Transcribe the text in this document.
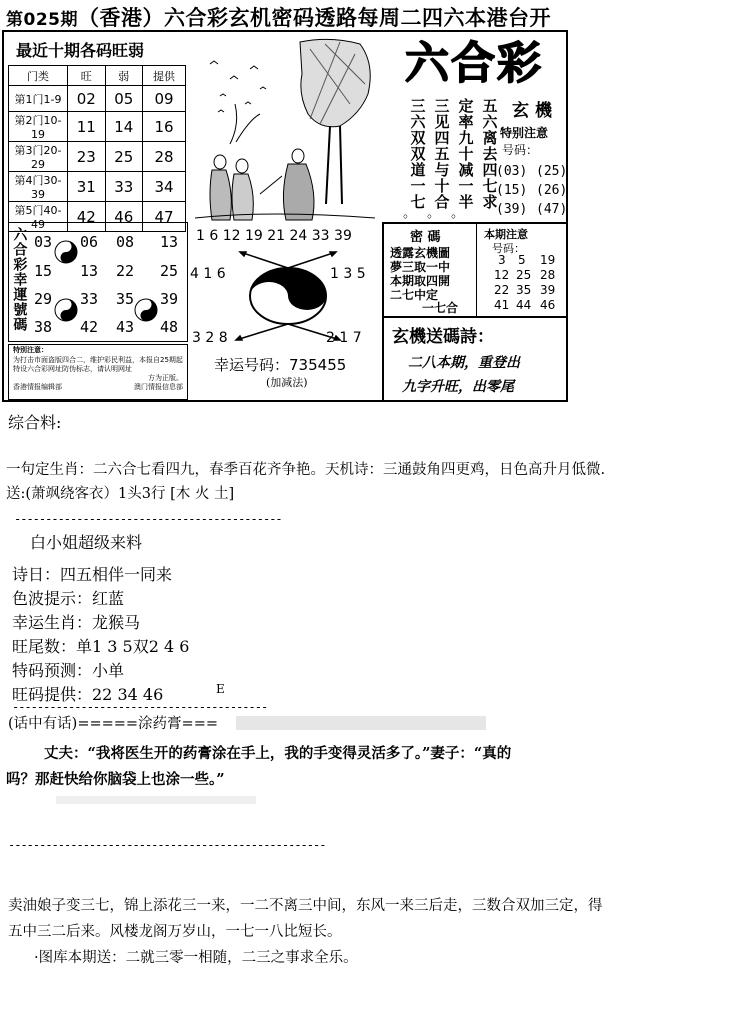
第025期（香港）六合彩玄机密码透路每周二四六本港台开
最近十期各码旺弱
门类	旺	弱	提供
第1门1-9	02	05	09
第2门10-19	11	14	16
第3门20-29	23	25	28
第4门30-39	31	33	34
第5门40-49	42	46	47
六合彩幸運號碼 03 06 08 13
15 13 22 25
29 33 35 39
38 42 43 48
特别注意：
为打击市面盗版四合二，维护彩民利益，本报自25期起特设六合彩网址防伪标志，请认明网址
方为正版。
香港情报编辑部	澳门情报信息部
六合彩
五六离去四七求
定率九十减一半
三见四五与十合
三六双双道一七
。 。 。
玄 機
特别注意
号码：
(03) (25)
(15) (26)
(39) (47)
1 6 12 19 21 24 33 39
4 1 6	1 3 5
3 2 8	2 1 7
幸运号码：735455
(加减法)
密 碼
透露玄機圖
夢三取一中
本期取四開
二七中定
一七合
本期注意
号码：
3 5 19
12 25 28
22 35 39
41 44 46
玄機送碼詩：
二八本期，重登出
九字升旺，出零尾
综合料:
一句定生肖：二六合七看四九，春季百花齐争艳。天机诗：三通鼓角四更鸡，日色高升月低微.
送:(萧飒绕客衣）1头3行 [木 火 土]
-------------------------------------------
白小姐超级来料
诗日：四五相伴一同来
色波提示：红蓝
幸运生肖：龙猴马
旺尾数：单1 3 5双2 4 6
特码预测：小单
旺码提供：22 34 46	E
-----------------------------------------
(话中有话)=====涂药膏===
丈夫：“我将医生开的药膏涂在手上，我的手变得灵活多了。”妻子：“真的
吗？那赶快给你脑袋上也涂一些。”
---------------------------------------------------
卖油娘子变三七，锦上添花三一来，一二不离三中间，东风一来三后走，三数合双加三定，得
五中三二后来。风楼龙阁万岁山，一七一八比短长。
·图库本期送：二就三零一相随，二三之事求全乐。
